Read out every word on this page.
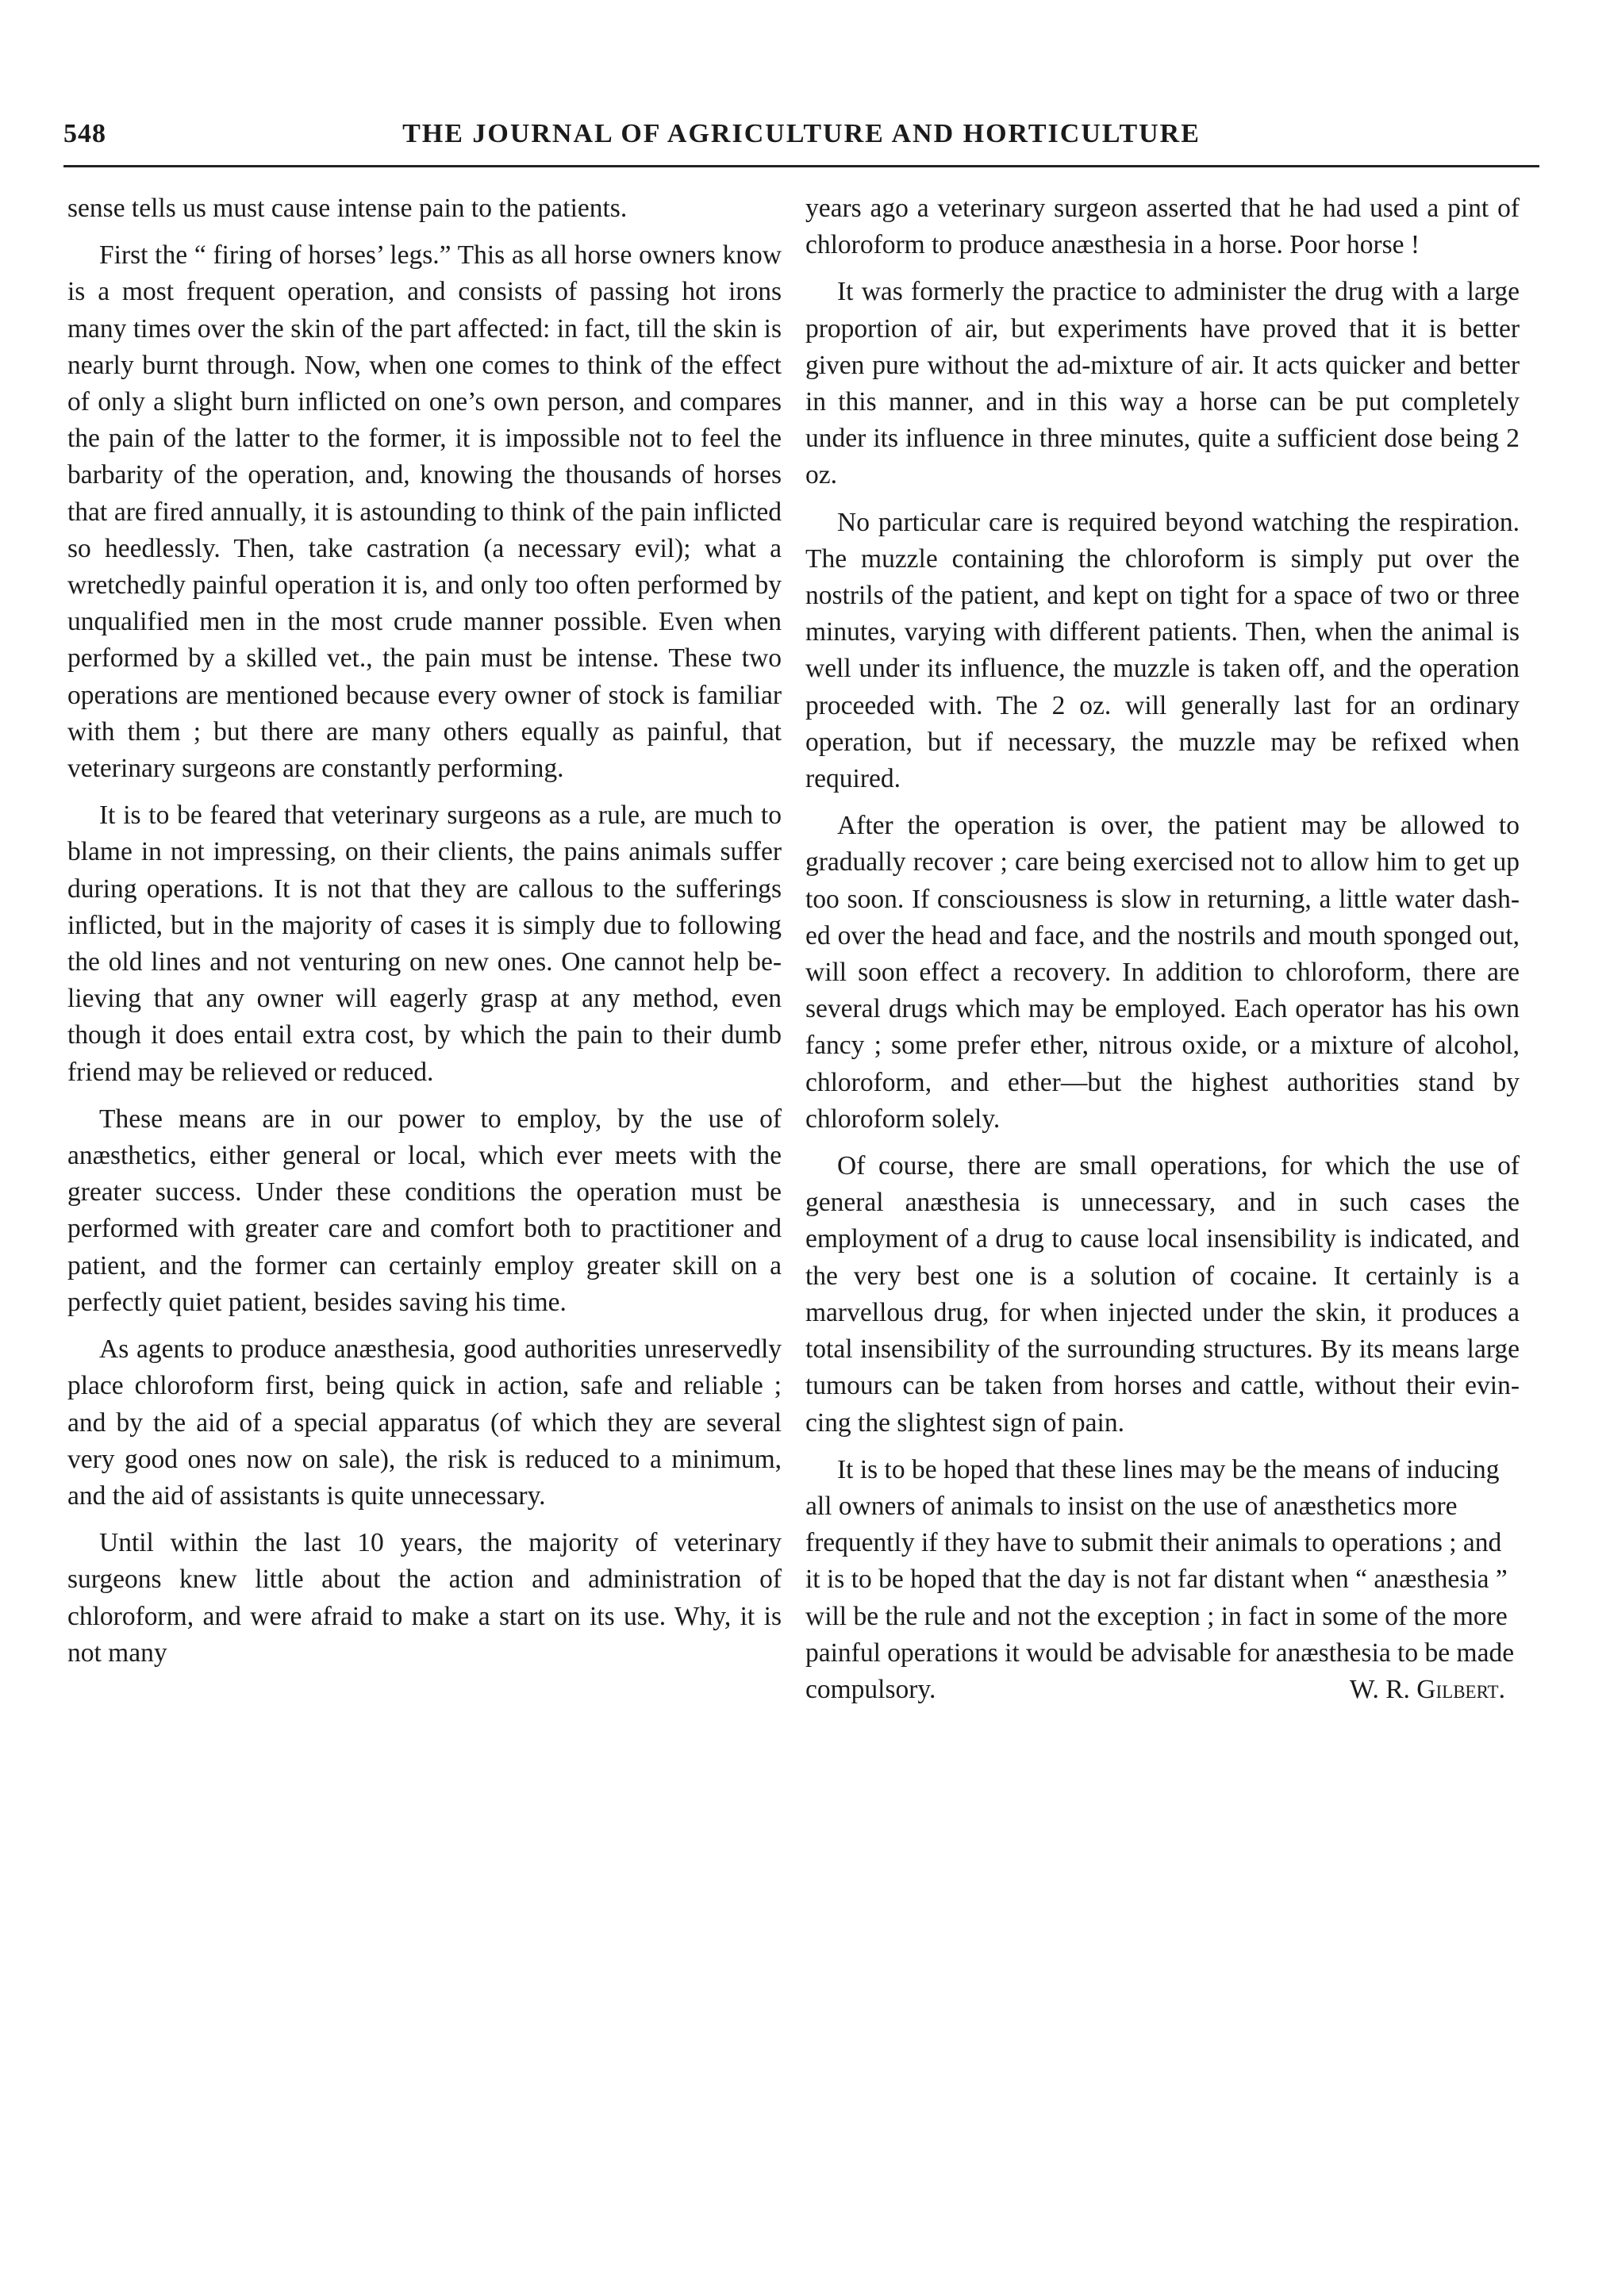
548	THE JOURNAL OF AGRICULTURE AND HORTICULTURE

sense tells us must cause intense pain to the patients.

First the “ firing of horses’ legs.” This as all horse owners know is a most frequent operation, and consists of passing hot irons many times over the skin of the part affected: in fact, till the skin is nearly burnt through. Now, when one comes to think of the effect of only a slight burn inflicted on one’s own person, and compares the pain of the latter to the former, it is impossible not to feel the barbarity of the operation, and, knowing the thousands of horses that are fired annually, it is astounding to think of the pain inflicted so heedlessly. Then, take castration (a necessary evil); what a wretchedly painful operation it is, and only too often performed by unqualified men in the most crude manner possible. Even when performed by a skilled vet., the pain must be intense. These two operations are mentioned because every owner of stock is familiar with them ; but there are many others equally as painful, that veterinary surgeons are constantly performing.

It is to be feared that veterinary surgeons as a rule, are much to blame in not impressing, on their clients, the pains animals suffer during operations. It is not that they are callous to the sufferings inflicted, but in the majority of cases it is simply due to following the old lines and not venturing on new ones. One cannot help believing that any owner will eagerly grasp at any method, even though it does entail extra cost, by which the pain to their dumb friend may be relieved or reduced.

These means are in our power to employ, by the use of anæsthetics, either general or local, which ever meets with the greater success. Under these conditions the operation must be performed with greater care and comfort both to practitioner and patient, and the former can certainly employ greater skill on a perfectly quiet patient, besides saving his time.

As agents to produce anæsthesia, good authorities unreservedly place chloroform first, being quick in action, safe and reliable ; and by the aid of a special apparatus (of which they are several very good ones now on sale), the risk is reduced to a minimum, and the aid of assistants is quite unnecessary.

Until within the last 10 years, the majority of veterinary surgeons knew little about the action and administration of chloroform, and were afraid to make a start on its use. Why, it is not many

years ago a veterinary surgeon asserted that he had used a pint of chloroform to produce anæsthesia in a horse. Poor horse !

It was formerly the practice to administer the drug with a large proportion of air, but experiments have proved that it is better given pure without the ad-mixture of air. It acts quicker and better in this manner, and in this way a horse can be put completely under its influence in three minutes, quite a sufficient dose being 2 oz.

No particular care is required beyond watching the respiration. The muzzle containing the chloroform is simply put over the nostrils of the patient, and kept on tight for a space of two or three minutes, varying with different patients. Then, when the animal is well under its influence, the muzzle is taken off, and the operation proceeded with. The 2 oz. will generally last for an ordinary operation, but if necessary, the muzzle may be refixed when required.

After the operation is over, the patient may be allowed to gradually recover ; care being exercised not to allow him to get up too soon. If consciousness is slow in returning, a little water dashed over the head and face, and the nostrils and mouth sponged out, will soon effect a recovery. In addition to chloroform, there are several drugs which may be employed. Each operator has his own fancy ; some prefer ether, nitrous oxide, or a mixture of alcohol, chloroform, and ether—but the highest authorities stand by chloroform solely.

Of course, there are small operations, for which the use of general anæsthesia is unnecessary, and in such cases the employment of a drug to cause local insensibility is indicated, and the very best one is a solution of cocaine. It certainly is a marvellous drug, for when injected under the skin, it produces a total insensibility of the surrounding structures. By its means large tumours can be taken from horses and cattle, without their evincing the slightest sign of pain.

It is to be hoped that these lines may be the means of inducing all owners of animals to insist on the use of anæsthetics more frequently if they have to submit their animals to operations ; and it is to be hoped that the day is not far distant when “ anæsthesia ” will be the rule and not the exception ; in fact in some of the more painful operations it would be advisable for anæsthesia to be made compulsory.	W. R. Gilbert.
